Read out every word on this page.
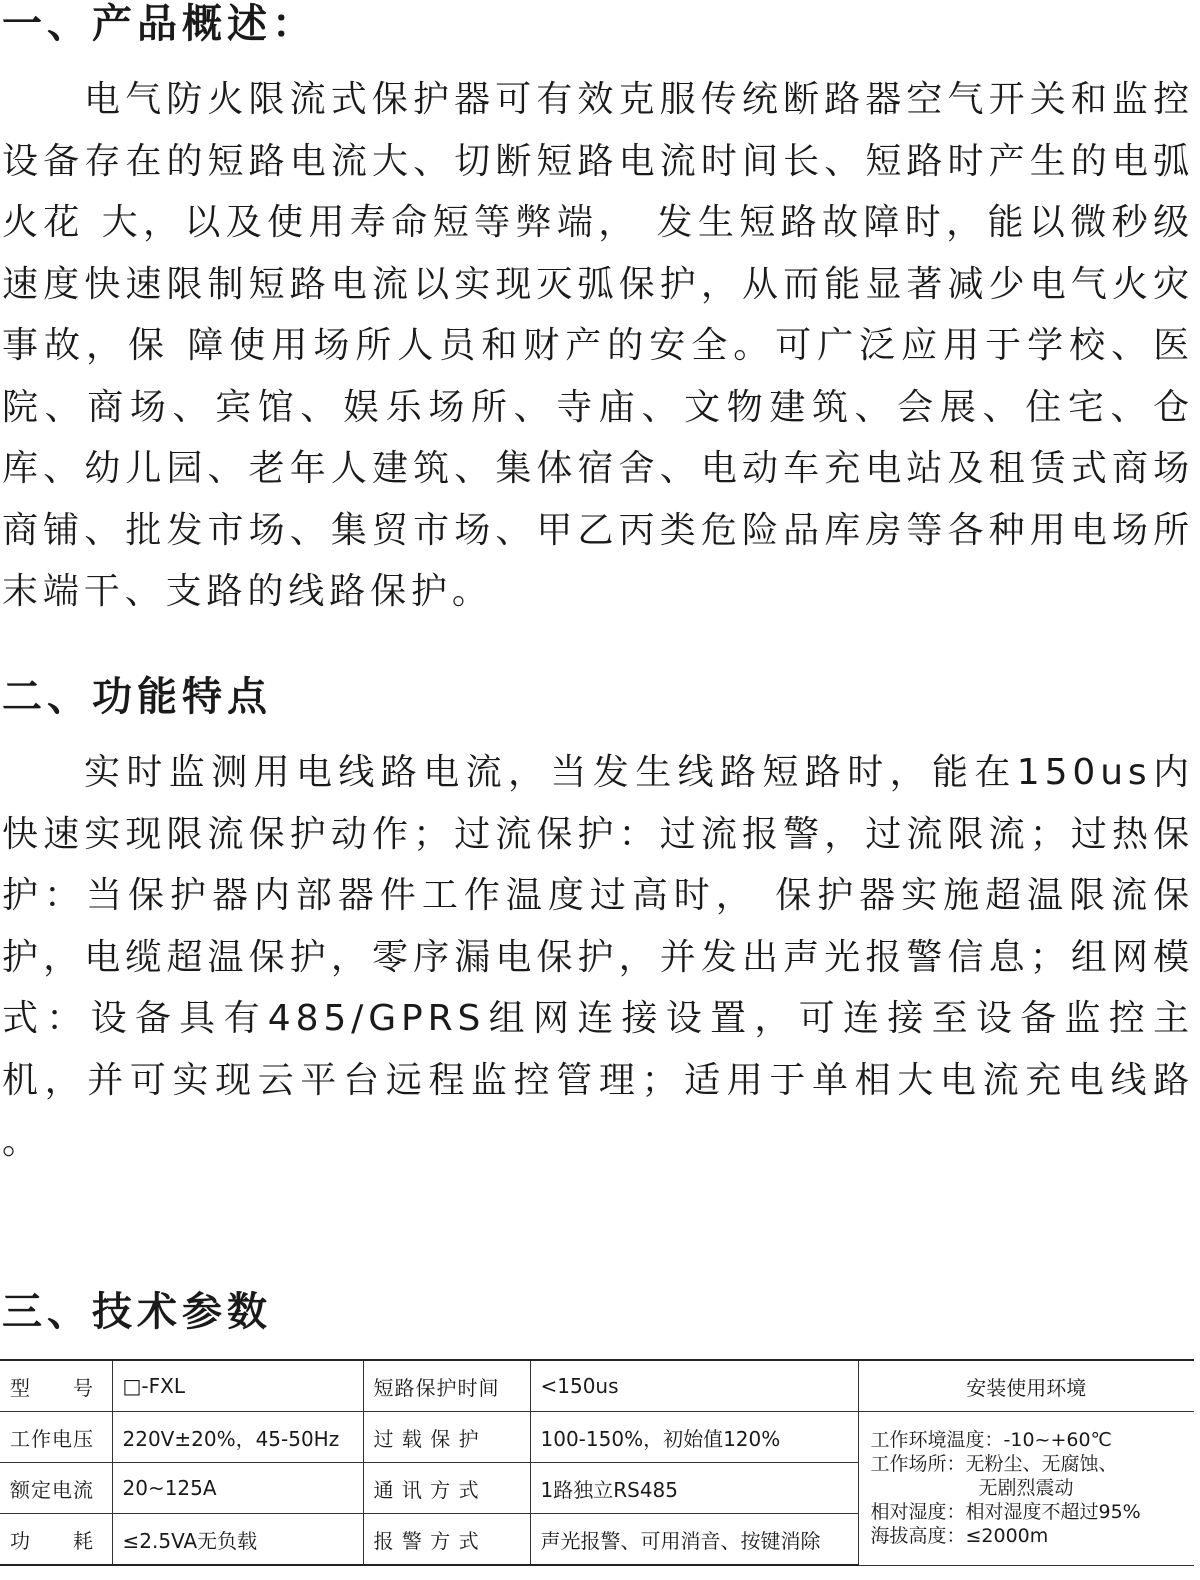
一、产品概述：

电气防火限流式保护器可有效克服传统断路器空气开关和监控设备存在的短路电流大、切断短路电流时间长、短路时产生的电弧火花 大，以及使用寿命短等弊端， 发生短路故障时，能以微秒级速度快速限制短路电流以实现灭弧保护，从而能显著减少电气火灾事故，保 障使用场所人员和财产的安全。可广泛应用于学校、医院、商场、宾馆、娱乐场所、寺庙、文物建筑、会展、住宅、仓库、幼儿园、老年人建筑、集体宿舍、电动车充电站及租赁式商场商铺、批发市场、集贸市场、甲乙丙类危险品库房等各种用电场所末端干、支路的线路保护。

二、功能特点

实时监测用电线路电流，当发生线路短路时，能在150us内快速实现限流保护动作；过流保护：过流报警，过流限流；过热保护：当保护器内部器件工作温度过高时， 保护器实施超温限流保护，电缆超温保护，零序漏电保护，并发出声光报警信息；组网模式：设备具有485/GPRS组网连接设置，可连接至设备监控主机，并可实现云平台远程监控管理；适用于单相大电流充电线路 。

三、技术参数
型　　号	□-FXL	短路保护时间	<150us	安装使用环境
工作电压	220V±20%，45-50Hz	过 载 保 护	100-150%，初始值120%	工作环境温度：-10~+60℃
工作场所：无粉尘、无腐蚀、
无剧烈震动
相对湿度：相对湿度不超过95%
海拔高度：≤2000m

额定电流	20~125A	通 讯 方 式	1路独立RS485	
功　　耗	≤2.5VA无负载	报 警 方 式	声光报警、可用消音、按键消除	
